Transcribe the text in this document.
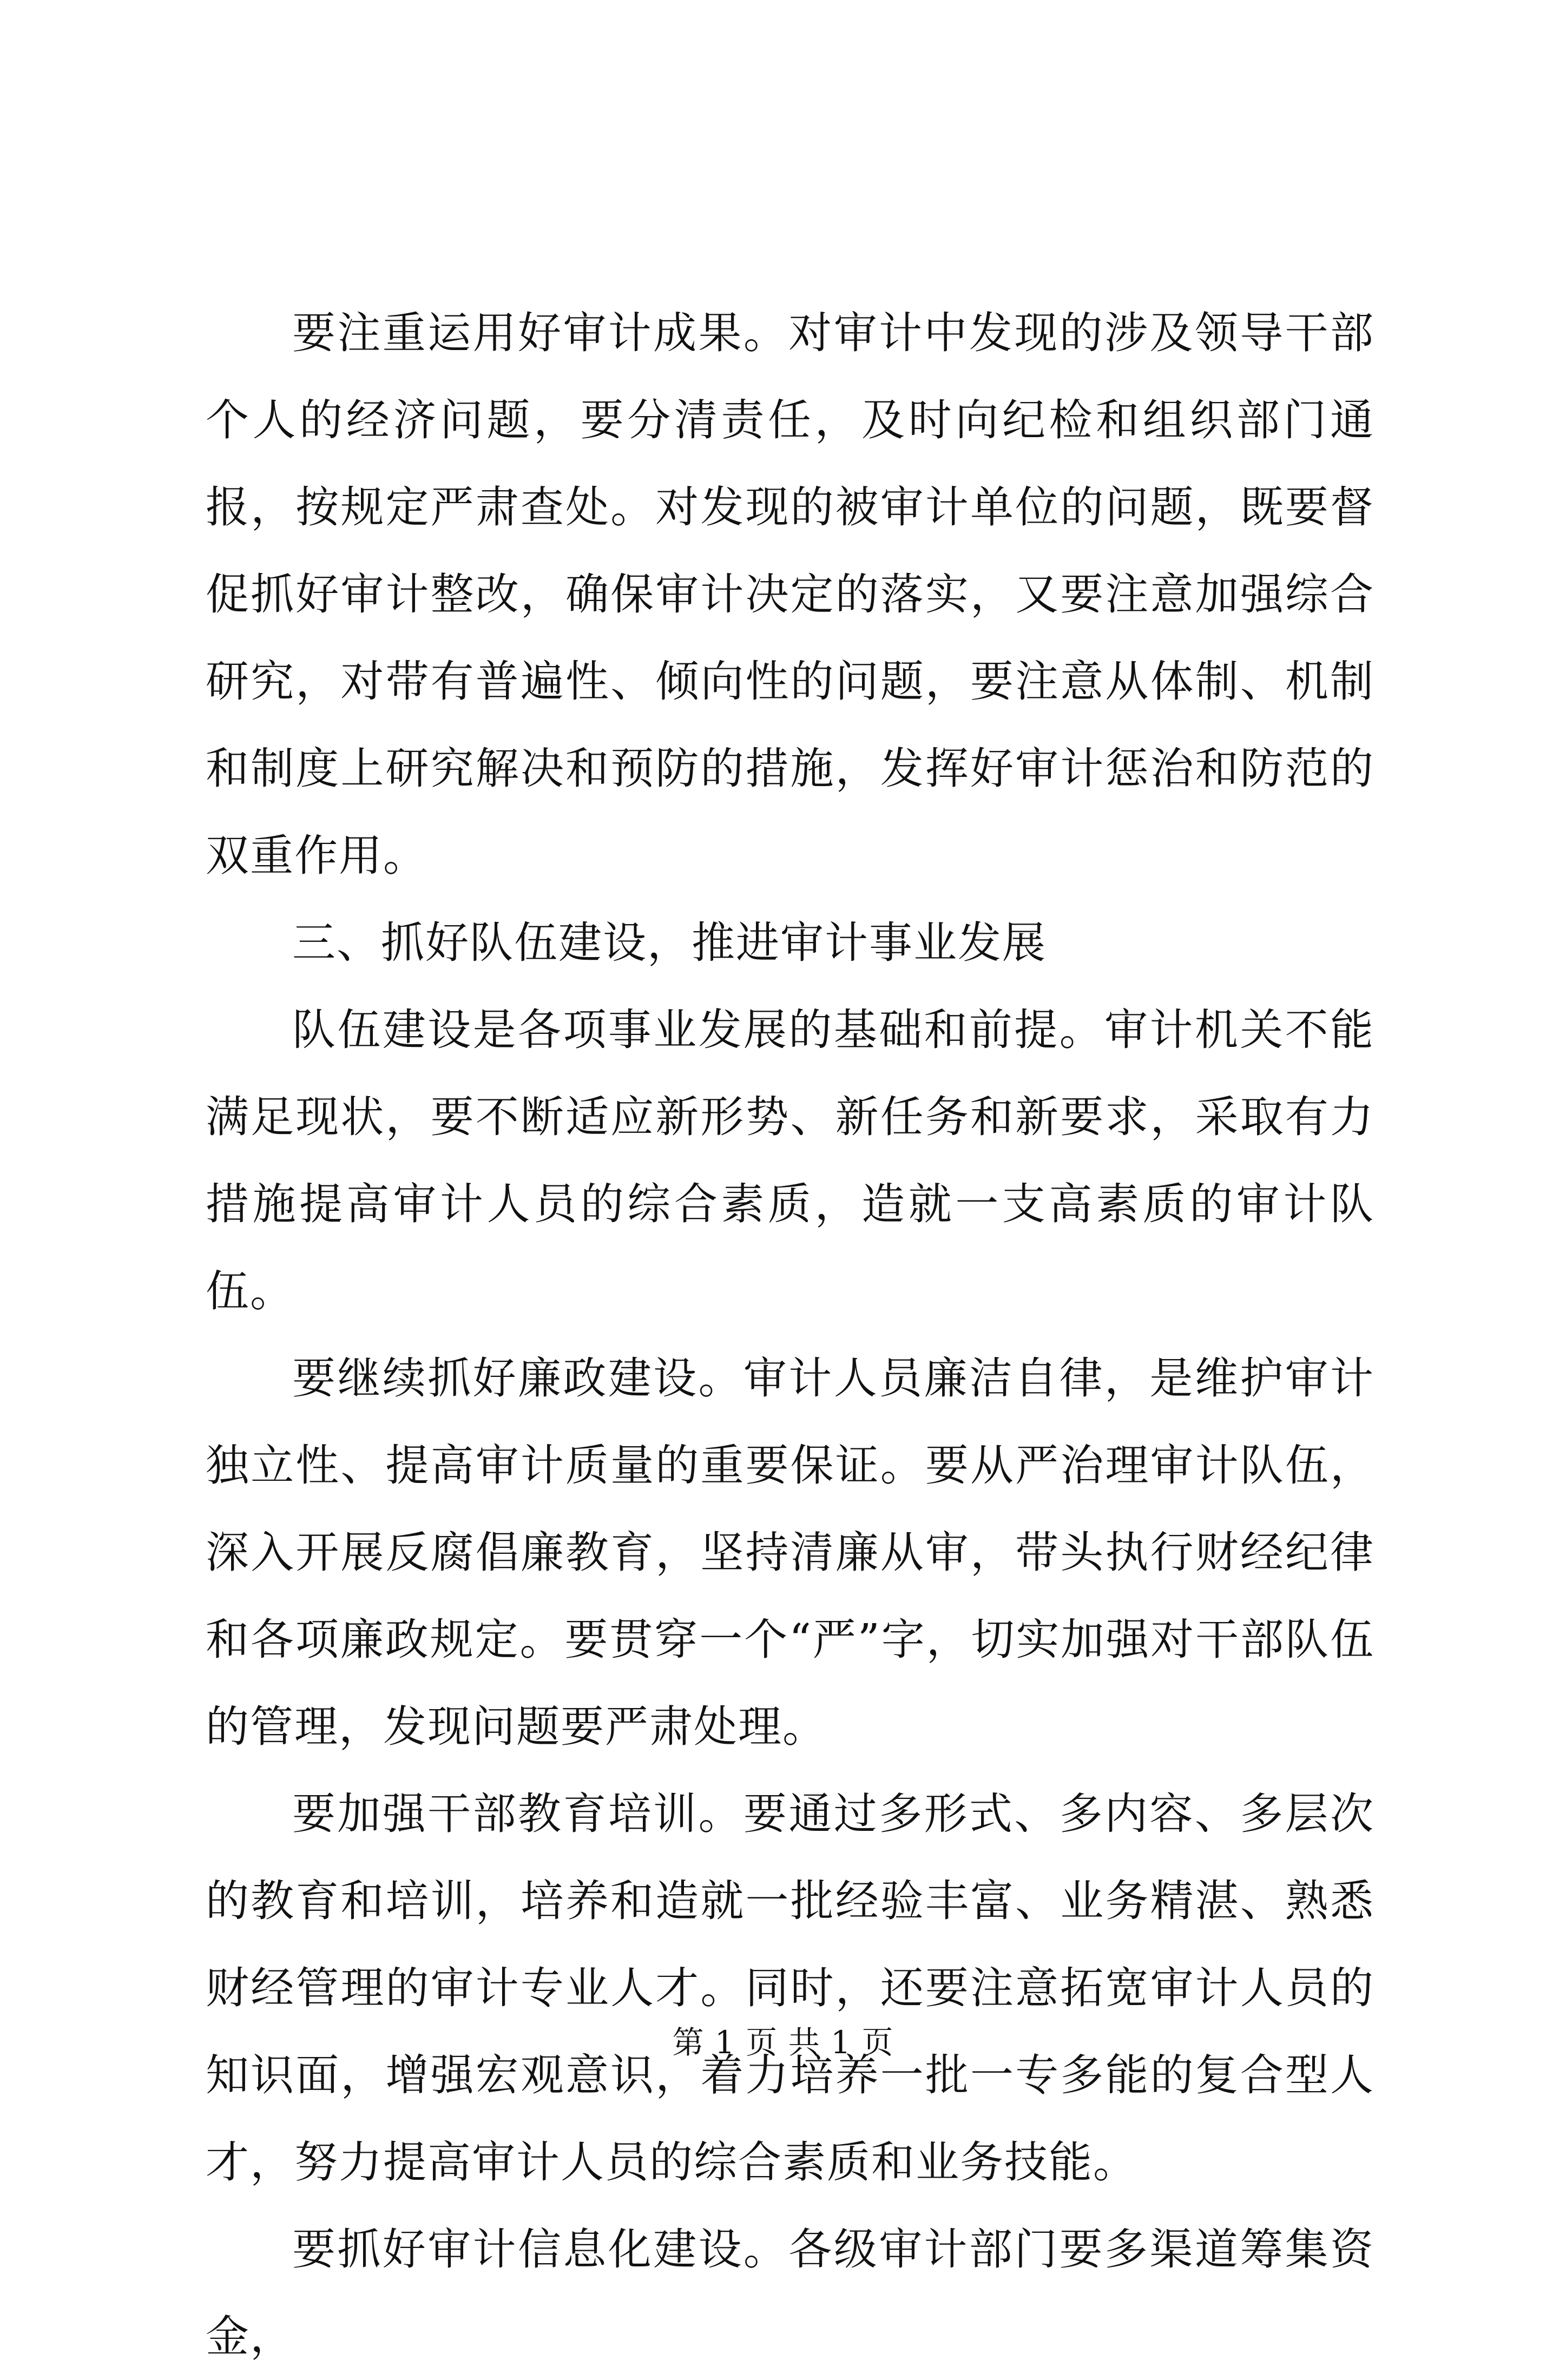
要注重运用好审计成果。对审计中发现的涉及领导干部个人的经济问题，要分清责任，及时向纪检和组织部门通报，按规定严肃查处。对发现的被审计单位的问题，既要督促抓好审计整改，确保审计决定的落实，又要注意加强综合研究，对带有普遍性、倾向性的问题，要注意从体制、机制和制度上研究解决和预防的措施，发挥好审计惩治和防范的双重作用。

三、抓好队伍建设，推进审计事业发展

队伍建设是各项事业发展的基础和前提。审计机关不能满足现状，要不断适应新形势、新任务和新要求，采取有力措施提高审计人员的综合素质，造就一支高素质的审计队伍。

要继续抓好廉政建设。审计人员廉洁自律，是维护审计独立性、提高审计质量的重要保证。要从严治理审计队伍，深入开展反腐倡廉教育，坚持清廉从审，带头执行财经纪律和各项廉政规定。要贯穿一个“严”字，切实加强对干部队伍的管理，发现问题要严肃处理。

要加强干部教育培训。要通过多形式、多内容、多层次的教育和培训，培养和造就一批经验丰富、业务精湛、熟悉财经管理的审计专业人才。同时，还要注意拓宽审计人员的知识面，增强宏观意识，着力培养一批一专多能的复合型人才，努力提高审计人员的综合素质和业务技能。

要抓好审计信息化建设。各级审计部门要多渠道筹集资金，

第 1 页 共 1 页
